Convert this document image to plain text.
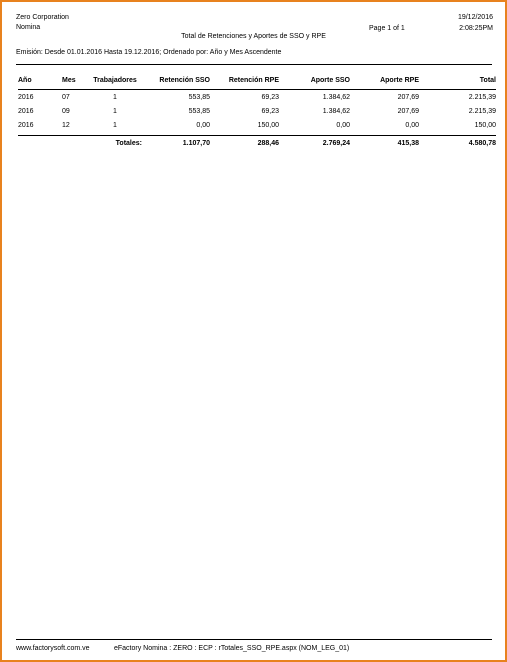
Zero Corporation
Nomina
Total de Retenciones y Aportes de SSO y RPE
Page 1 of 1
19/12/2016
2:08:25PM
Emisión: Desde 01.01.2016 Hasta 19.12.2016; Ordenado por: Año y Mes Ascendente
Año	Mes	Trabajadores	Retención SSO	Retención RPE	Aporte SSO	Aporte RPE	Total

2016	07	1	553,85	69,23	1.384,62	207,69	2.215,39
2016	09	1	553,85	69,23	1.384,62	207,69	2.215,39
2016	12	1	0,00	150,00	0,00	0,00	150,00

		Totales:	1.107,70	288,46	2.769,24	415,38	4.580,78
www.factorysoft.com.ve	eFactory Nomina : ZERO : ECP : rTotales_SSO_RPE.aspx (NOM_LEG_01)
